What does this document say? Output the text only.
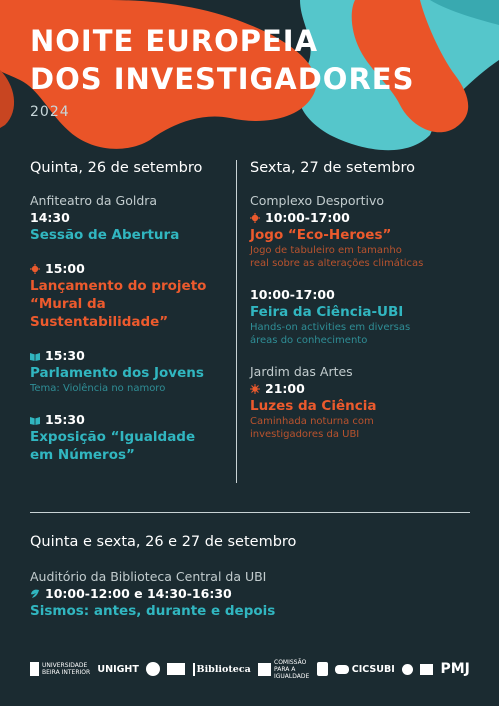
NOITE EUROPEIA
DOS INVESTIGADORES
2024
Quinta, 26 de setembro
Anfiteatro da Goldra
14:30
Sessão de Abertura
15:00
Lançamento do projeto
“Mural da
Sustentabilidade”
15:30
Parlamento dos Jovens
Tema: Violência no namoro
15:30
Exposição “Igualdade
em Números”
Sexta, 27 de setembro
Complexo Desportivo
10:00-17:00
Jogo “Eco-Heroes”
Jogo de tabuleiro em tamanho
real sobre as alterações climáticas
10:00-17:00
Feira da Ciência-UBI
Hands-on activities em diversas
áreas do conhecimento
Jardim das Artes
21:00
Luzes da Ciência
Caminhada noturna com
investigadores da UBI
Quinta e sexta, 26 e 27 de setembro
Auditório da Biblioteca Central da UBI
10:00-12:00 e 14:30-16:30
Sismos: antes, durante e depois
UNIVERSIDADE
BEIRA INTERIOR UNIGHT	Biblioteca
COMISSÃO
PARA A
IGUALDADE
CICSUBI	PMJ
